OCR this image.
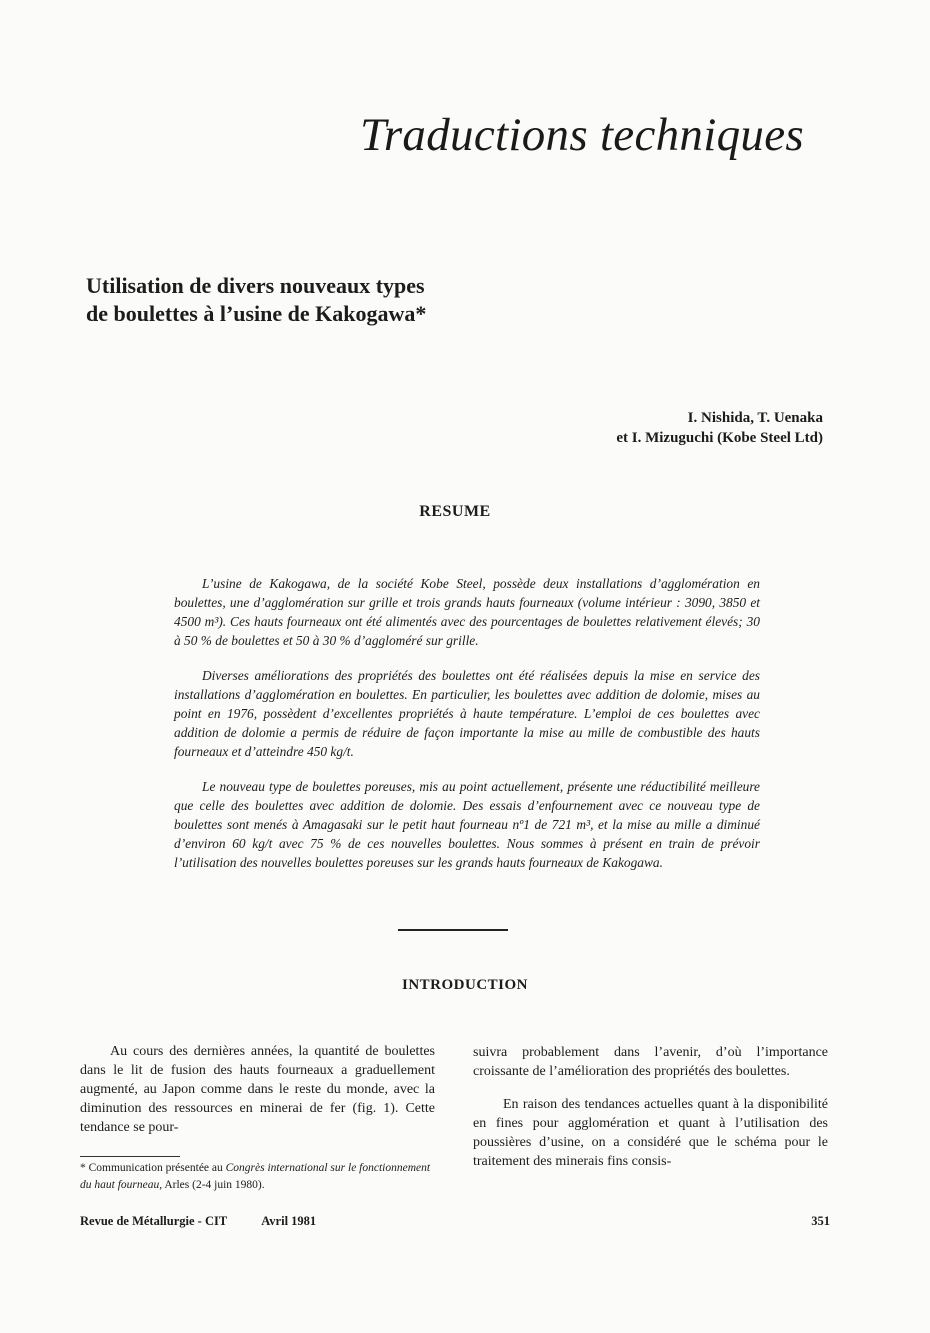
Traductions techniques
Utilisation de divers nouveaux types
de boulettes à l’usine de Kakogawa*
I. Nishida, T. Uenaka
et I. Mizuguchi (Kobe Steel Ltd)
RESUME

L’usine de Kakogawa, de la société Kobe Steel, possède deux installations d’agglomération en boulettes, une d’agglomération sur grille et trois grands hauts fourneaux (volume intérieur : 3090, 3850 et 4500 m³). Ces hauts fourneaux ont été alimentés avec des pourcentages de boulettes relativement élevés; 30 à 50 % de boulettes et 50 à 30 % d’aggloméré sur grille.

Diverses améliorations des propriétés des boulettes ont été réalisées depuis la mise en service des installations d’agglomération en boulettes. En particulier, les boulettes avec addition de dolomie, mises au point en 1976, possèdent d’excellentes propriétés à haute température. L’emploi de ces boulettes avec addition de dolomie a permis de réduire de façon importante la mise au mille de combustible des hauts fourneaux et d’atteindre 450 kg/t.

Le nouveau type de boulettes poreuses, mis au point actuellement, présente une réductibilité meilleure que celle des boulettes avec addition de dolomie. Des essais d’enfournement avec ce nouveau type de boulettes sont menés à Amagasaki sur le petit haut fourneau nº1 de 721 m³, et la mise au mille a diminué d’environ 60 kg/t avec 75 % de ces nouvelles boulettes. Nous sommes à présent en train de prévoir l’utilisation des nouvelles boulettes poreuses sur les grands hauts fourneaux de Kakogawa.

INTRODUCTION

Au cours des dernières années, la quantité de boulettes dans le lit de fusion des hauts fourneaux a graduellement augmenté, au Japon comme dans le reste du monde, avec la diminution des ressources en minerai de fer (fig. 1). Cette tendance se pour-

suivra probablement dans l’avenir, d’où l’importance croissante de l’amélioration des propriétés des boulettes.

En raison des tendances actuelles quant à la disponibilité en fines pour agglomération et quant à l’utilisation des poussières d’usine, on a considéré que le schéma pour le traitement des minerais fins consis-

* Communication présentée au Congrès international sur le fonctionnement du haut fourneau, Arles (2-4 juin 1980).
Revue de Métallurgie - CIT	Avril 1981	351
